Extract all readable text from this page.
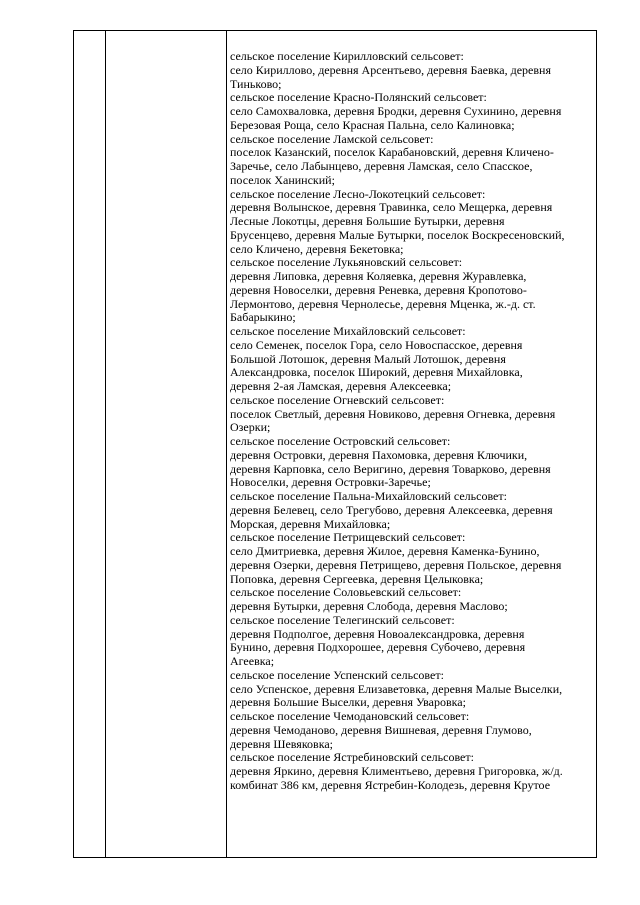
сельское поселение Кирилловский сельсовет:
село Кириллово, деревня Арсентьево, деревня Баевка, деревня
Тиньково;
сельское поселение Красно-Полянский сельсовет:
село Самохваловка, деревня Бродки, деревня Сухинино, деревня
Березовая Роща, село Красная Пальна, село Калиновка;
сельское поселение Ламской сельсовет:
поселок Казанский, поселок Карабановский, деревня Кличено-
Заречье, село Лабынцево, деревня Ламская, село Спасское,
поселок Ханинский;
сельское поселение Лесно-Локотецкий сельсовет:
деревня Волынское, деревня Травинка, село Мещерка, деревня
Лесные Локотцы, деревня Большие Бутырки, деревня
Брусенцево, деревня Малые Бутырки, поселок Воскресеновский,
село Кличено, деревня Бекетовка;
сельское поселение Лукьяновский сельсовет:
деревня Липовка, деревня Коляевка, деревня Журавлевка,
деревня Новоселки, деревня Реневка, деревня Кропотово-
Лермонтово, деревня Чернолесье, деревня Мценка, ж.-д. ст.
Бабарыкино;
сельское поселение Михайловский сельсовет:
село Семенек, поселок Гора, село Новоспасское, деревня
Большой Лотошок, деревня Малый Лотошок, деревня
Александровка, поселок Широкий, деревня Михайловка,
деревня 2-ая Ламская, деревня Алексеевка;
сельское поселение Огневский сельсовет:
поселок Светлый, деревня Новиково, деревня Огневка, деревня
Озерки;
сельское поселение Островский сельсовет:
деревня Островки, деревня Пахомовка, деревня Ключики,
деревня Карповка, село Веригино, деревня Товарково, деревня
Новоселки, деревня Островки-Заречье;
сельское поселение Пальна-Михайловский сельсовет:
деревня Белевец, село Трегубово, деревня Алексеевка, деревня
Морская, деревня Михайловка;
сельское поселение Петрищевский сельсовет:
село Дмитриевка, деревня Жилое, деревня Каменка-Бунино,
деревня Озерки, деревня Петрищево, деревня Польское, деревня
Поповка, деревня Сергеевка, деревня Целыковка;
сельское поселение Соловьевский сельсовет:
деревня Бутырки, деревня Слобода, деревня Маслово;
сельское поселение Телегинский сельсовет:
деревня Подполгое, деревня Новоалександровка, деревня
Бунино, деревня Подхорошее, деревня Субочево, деревня
Агеевка;
сельское поселение Успенский сельсовет:
село Успенское, деревня Елизаветовка, деревня Малые Выселки,
деревня Большие Выселки, деревня Уваровка;
сельское поселение Чемодановский сельсовет:
деревня Чемоданово, деревня Вишневая, деревня Глумово,
деревня Шевяковка;
сельское поселение Ястребиновский сельсовет:
деревня Яркино, деревня Климентьево, деревня Григоровка, ж/д.
комбинат 386 км, деревня Ястребин-Колодезь, деревня Крутое
